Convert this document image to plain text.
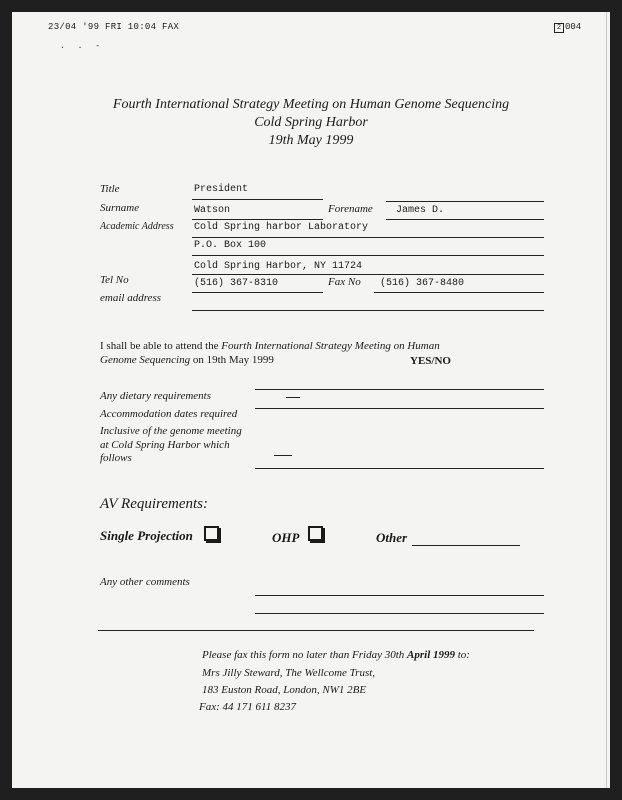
23/04 '99 FRI 10:04 FAX	2 004
. . -
Fourth International Strategy Meeting on Human Genome Sequencing
Cold Spring Harbor
19th May 1999
Title	President
Surname	Watson	Forename James D.
Academic Address Cold Spring harbor Laboratory
P.O. Box 100
Cold Spring Harbor, NY 11724
Tel No	(516) 367-8310	Fax No (516) 367-8480
email address
I shall be able to attend the Fourth International Strategy Meeting on Human
Genome Sequencing on 19th May 1999	YES/NO
Any dietary requirements
Accommodation dates required
Inclusive of the genome meeting
at Cold Spring Harbor which
follows
AV Requirements:
Single Projection	OHP	Other
Any other comments
Please fax this form no later than Friday 30th April 1999 to:
Mrs Jilly Steward, The Wellcome Trust,
183 Euston Road, London, NW1 2BE
Fax: 44 171 611 8237
